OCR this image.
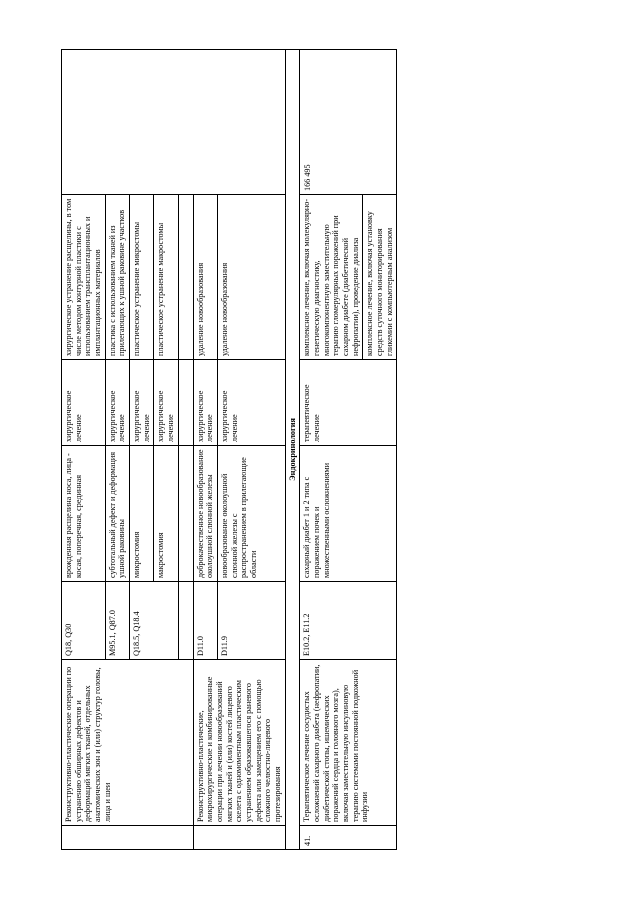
	Реконструктивно-пластические операции по устранению обширных дефектов и деформаций мягких тканей, отдельных анатомических зон и (или) структур головы, лица и шеи	Q18, Q30	врожденная расщелина носа, лица - косая, поперечная, срединная	хирургическое лечение	хирургическое устранение расщелины, в том числе методом контурной пластики с использованием трансплантационных и имплантационных материалов	
		M95.1, Q87.0	субтотальный дефект и деформация ушной раковины	хирургическое лечение	пластика с использованием тканей из прилегающих к ушной раковине участков	
		Q18.5, Q18.4	микростомия	хирургическое лечение	пластическое устранение микростомы	
			макростомия	хирургическое лечение	пластическое устранение макростомы	

	Реконструктивно-пластические, микрохирургические и комбинированные операции при лечении новообразований мягких тканей и (или) костей лицевого скелета с одномоментным пластическим устранением образовавшегося раневого дефекта или замещением его с помощью сложного челюстно-лицевого протезирования	D11.0	доброкачественное новообразование околоушной слюнной железы	хирургическое лечение	удаление новообразования	
		D11.9	новообразование околоушной слюнной железы с распространением в прилегающие области	хирургическое лечение	удаление новообразования	

Эндокринология						
41.	Терапевтическое лечение сосудистых осложнений сахарного диабета (нефропатии, диабетической стопы, ишемических поражений сердца и головного мозга), включая заместительную инсулиновую терапию системами постоянной подкожной инфузии	E10.2, E11.2	сахарный диабет 1 и 2 типа с поражением почек и множественными осложнениями	терапевтическое лечение	комплексное лечение, включая молекулярно-генетическую диагностику, многокомпонентную заместительную терапию гломерулярных поражений при сахарном диабете (диабетической нефропатии), проведение диализа	166 495
					комплексное лечение, включая установку средств суточного мониторирования гликемии с компьютерным анализом	
